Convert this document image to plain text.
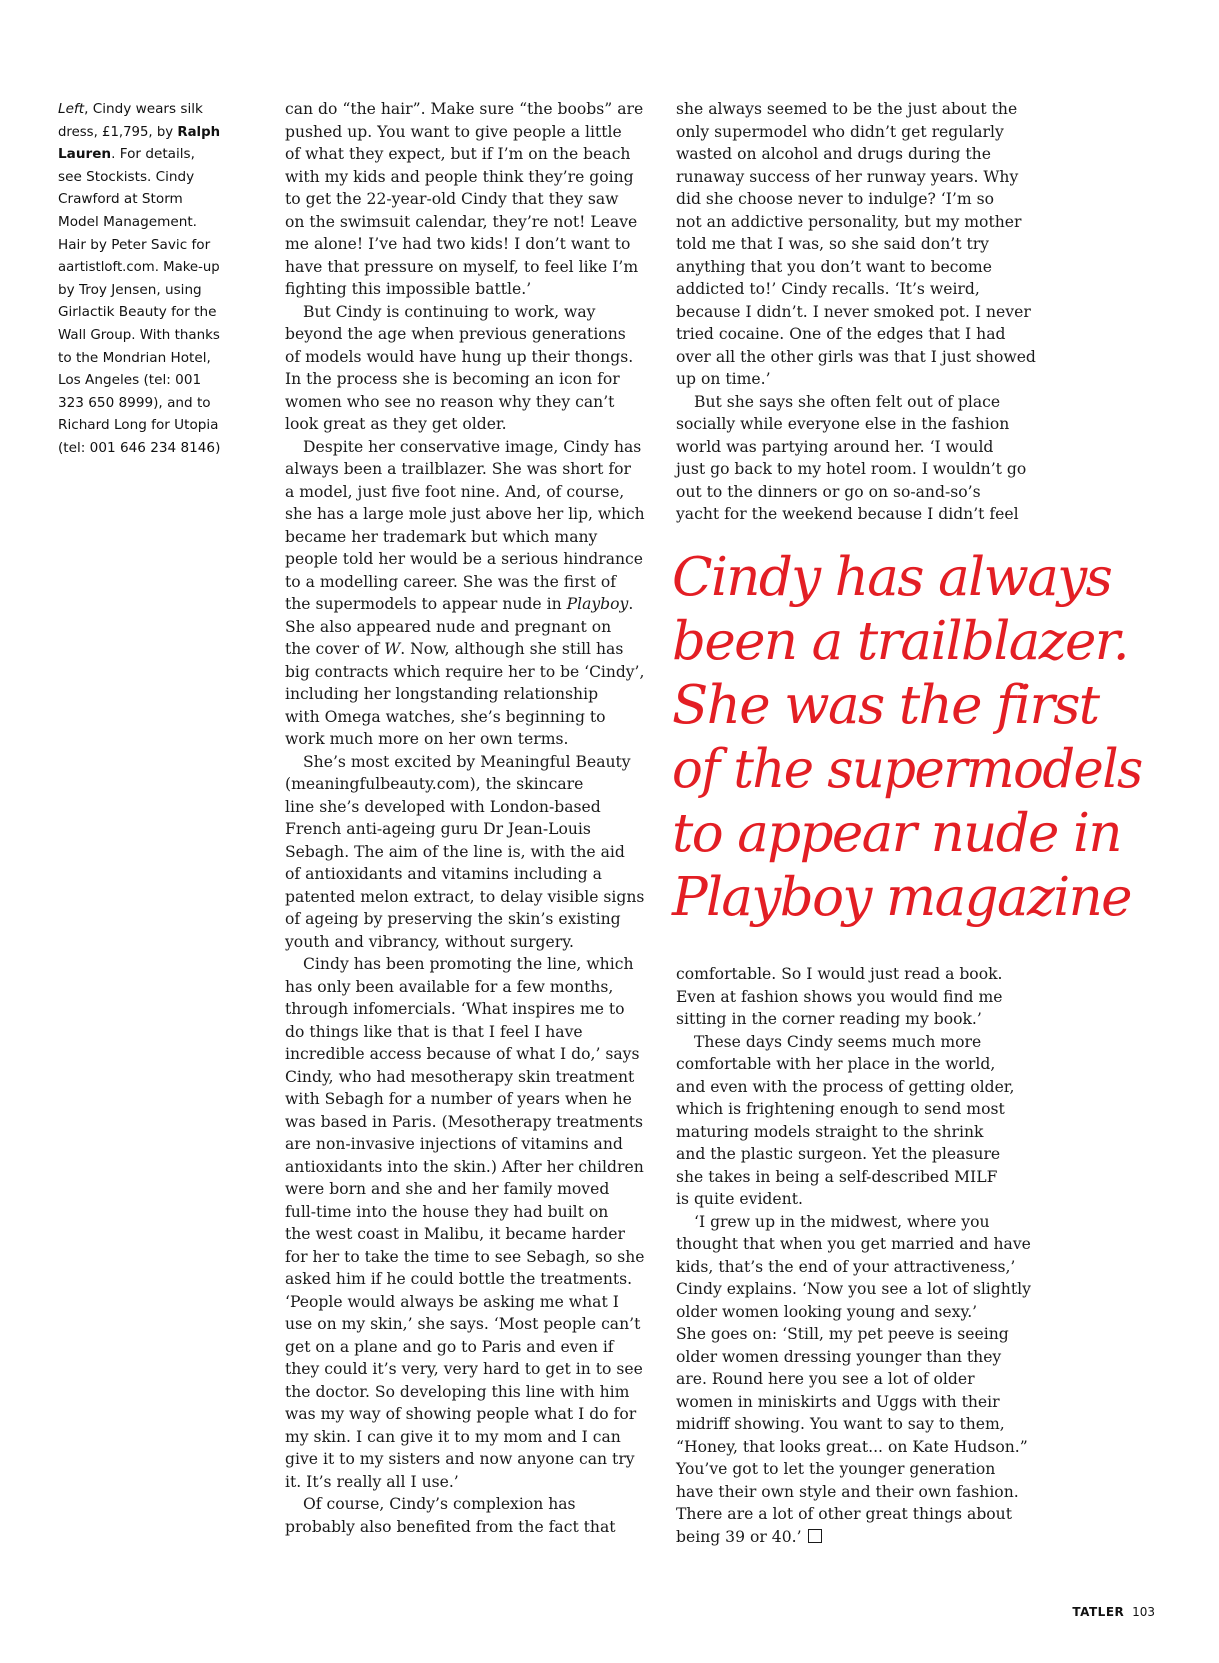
Left, Cindy wears silk
dress, £1,795, by Ralph
Lauren. For details,
see Stockists. Cindy
Crawford at Storm
Model Management.
Hair by Peter Savic for
aartistloft.com. Make-up
by Troy Jensen, using
Girlactik Beauty for the
Wall Group. With thanks
to the Mondrian Hotel,
Los Angeles (tel: 001
323 650 8999), and to
Richard Long for Utopia
(tel: 001 646 234 8146)
can do “the hair”. Make sure “the boobs” are
pushed up. You want to give people a little
of what they expect, but if I’m on the beach
with my kids and people think they’re going
to get the 22-year-old Cindy that they saw
on the swimsuit calendar, they’re not! Leave
me alone! I’ve had two kids! I don’t want to
have that pressure on myself, to feel like I’m
fighting this impossible battle.’
But Cindy is continuing to work, way
beyond the age when previous generations
of models would have hung up their thongs.
In the process she is becoming an icon for
women who see no reason why they can’t
look great as they get older.
Despite her conservative image, Cindy has
always been a trailblazer. She was short for
a model, just five foot nine. And, of course,
she has a large mole just above her lip, which
became her trademark but which many
people told her would be a serious hindrance
to a modelling career. She was the first of
the supermodels to appear nude in Playboy.
She also appeared nude and pregnant on
the cover of W. Now, although she still has
big contracts which require her to be ‘Cindy’,
including her longstanding relationship
with Omega watches, she’s beginning to
work much more on her own terms.
She’s most excited by Meaningful Beauty
(meaningfulbeauty.com), the skincare
line she’s developed with London-based
French anti-ageing guru Dr Jean-Louis
Sebagh. The aim of the line is, with the aid
of antioxidants and vitamins including a
patented melon extract, to delay visible signs
of ageing by preserving the skin’s existing
youth and vibrancy, without surgery.
Cindy has been promoting the line, which
has only been available for a few months,
through infomercials. ‘What inspires me to
do things like that is that I feel I have
incredible access because of what I do,’ says
Cindy, who had mesotherapy skin treatment
with Sebagh for a number of years when he
was based in Paris. (Mesotherapy treatments
are non-invasive injections of vitamins and
antioxidants into the skin.) After her children
were born and she and her family moved
full-time into the house they had built on
the west coast in Malibu, it became harder
for her to take the time to see Sebagh, so she
asked him if he could bottle the treatments.
‘People would always be asking me what I
use on my skin,’ she says. ‘Most people can’t
get on a plane and go to Paris and even if
they could it’s very, very hard to get in to see
the doctor. So developing this line with him
was my way of showing people what I do for
my skin. I can give it to my mom and I can
give it to my sisters and now anyone can try
it. It’s really all I use.’
Of course, Cindy’s complexion has
probably also benefited from the fact that
she always seemed to be the just about the
only supermodel who didn’t get regularly
wasted on alcohol and drugs during the
runaway success of her runway years. Why
did she choose never to indulge? ‘I’m so
not an addictive personality, but my mother
told me that I was, so she said don’t try
anything that you don’t want to become
addicted to!’ Cindy recalls. ‘It’s weird,
because I didn’t. I never smoked pot. I never
tried cocaine. One of the edges that I had
over all the other girls was that I just showed
up on time.’
But she says she often felt out of place
socially while everyone else in the fashion
world was partying around her. ‘I would
just go back to my hotel room. I wouldn’t go
out to the dinners or go on so-and-so’s
yacht for the weekend because I didn’t feel
Cindy has always
been a trailblazer.
She was the first
of the supermodels
to appear nude in
Playboy magazine
comfortable. So I would just read a book.
Even at fashion shows you would find me
sitting in the corner reading my book.’
These days Cindy seems much more
comfortable with her place in the world,
and even with the process of getting older,
which is frightening enough to send most
maturing models straight to the shrink
and the plastic surgeon. Yet the pleasure
she takes in being a self-described MILF
is quite evident.
‘I grew up in the midwest, where you
thought that when you get married and have
kids, that’s the end of your attractiveness,’
Cindy explains. ‘Now you see a lot of slightly
older women looking young and sexy.’
She goes on: ‘Still, my pet peeve is seeing
older women dressing younger than they
are. Round here you see a lot of older
women in miniskirts and Uggs with their
midriff showing. You want to say to them,
“Honey, that looks great... on Kate Hudson.”
You’ve got to let the younger generation
have their own style and their own fashion.
There are a lot of other great things about
being 39 or 40.’
TATLER 103
